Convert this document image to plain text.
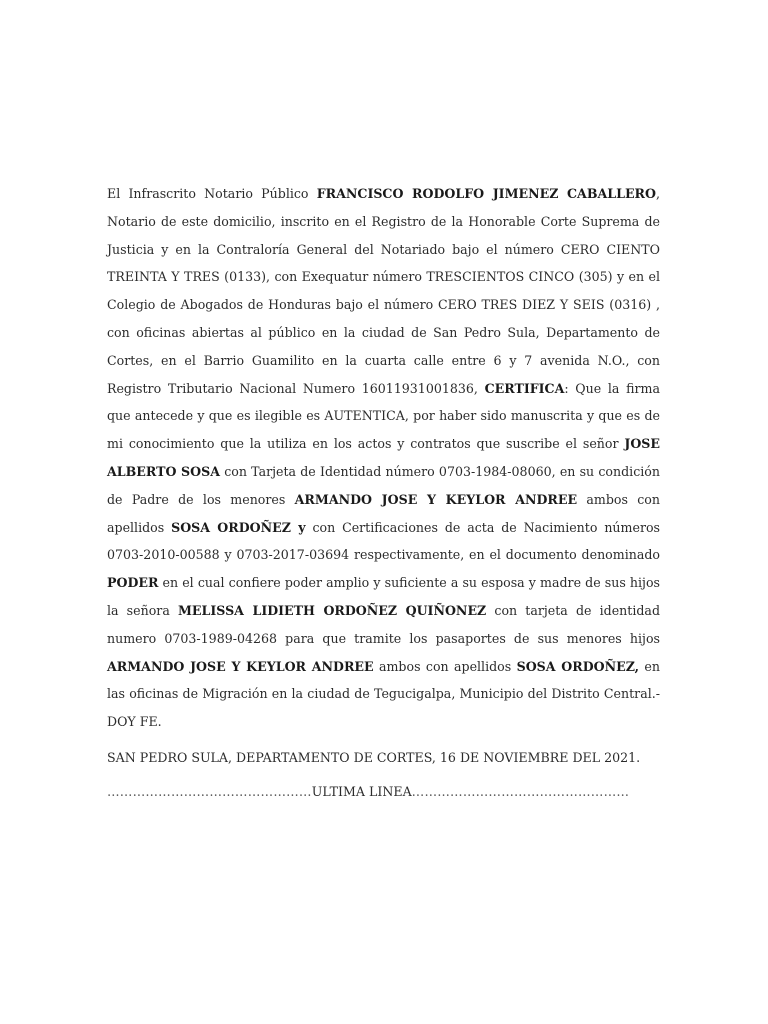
El Infrascrito Notario Público FRANCISCO RODOLFO JIMENEZ CABALLERO, Notario de este domicilio, inscrito en el Registro de la Honorable Corte Suprema de Justicia y en la Contraloría General del Notariado bajo el número CERO CIENTO TREINTA Y TRES (0133), con Exequatur número TRESCIENTOS CINCO (305) y en el Colegio de Abogados de Honduras bajo el número CERO TRES DIEZ Y SEIS (0316) , con oficinas abiertas al público en la ciudad de San Pedro Sula, Departamento de Cortes, en el Barrio Guamilito en la cuarta calle entre 6 y 7 avenida N.O., con Registro Tributario Nacional Numero 16011931001836, CERTIFICA: Que la firma que antecede y que es ilegible es AUTENTICA, por haber sido manuscrita y que es de mi conocimiento que la utiliza en los actos y contratos que suscribe el señor JOSE ALBERTO SOSA con Tarjeta de Identidad número 0703-1984-08060, en su condición de Padre de los menores ARMANDO JOSE Y KEYLOR ANDREE ambos con apellidos SOSA ORDOÑEZ y con Certificaciones de acta de Nacimiento números 0703-2010-00588 y 0703-2017-03694 respectivamente, en el documento denominado PODER en el cual confiere poder amplio y suficiente a su esposa y madre de sus hijos la señora MELISSA LIDIETH ORDOÑEZ QUIÑONEZ con tarjeta de identidad numero 0703-1989-04268 para que tramite los pasaportes de sus menores hijos ARMANDO JOSE Y KEYLOR ANDREE ambos con apellidos SOSA ORDOÑEZ, en las oficinas de Migración en la ciudad de Tegucigalpa, Municipio del Distrito Central.-DOY FE.

SAN PEDRO SULA, DEPARTAMENTO DE CORTES, 16 DE NOVIEMBRE DEL 2021.

…………………………………………ULTIMA LINEA……………………………………………
